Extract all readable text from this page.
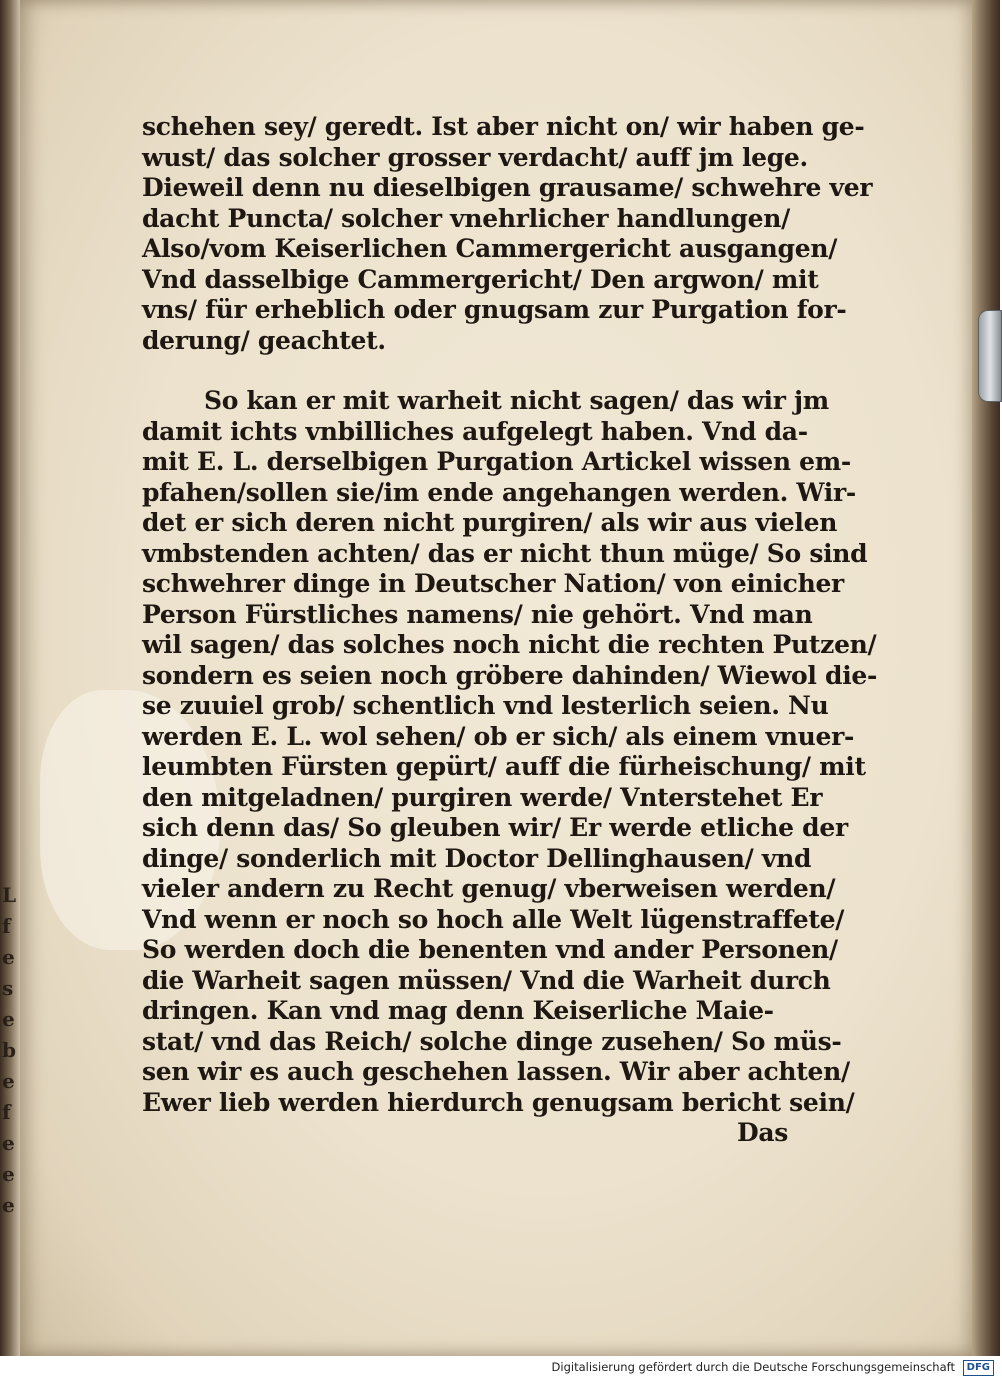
L
f
e
s
e
b
e
f
e
e
e
schehen sey/ geredt. Ist aber nicht on/ wir haben ge-
wust/ das solcher grosser verdacht/ auff jm lege.
Dieweil denn nu dieselbigen grausame/ schwehre ver
dacht Puncta/ solcher vnehrlicher handlungen/
Also/vom Keiserlichen Cammergericht ausgangen/
Vnd dasselbige Cammergericht/ Den argwon/ mit
vns/ für erheblich oder gnugsam zur Purgation for-
derung/ geachtet.
So kan er mit warheit nicht sagen/ das wir jm
damit ichts vnbilliches aufgelegt haben. Vnd da-
mit E. L. derselbigen Purgation Artickel wissen em-
pfahen/sollen sie/im ende angehangen werden. Wir-
det er sich deren nicht purgiren/ als wir aus vielen
vmbstenden achten/ das er nicht thun müge/ So sind
schwehrer dinge in Deutscher Nation/ von einicher
Person Fürstliches namens/ nie gehört. Vnd man
wil sagen/ das solches noch nicht die rechten Putzen/
sondern es seien noch gröbere dahinden/ Wiewol die-
se zuuiel grob/ schentlich vnd lesterlich seien. Nu
werden E. L. wol sehen/ ob er sich/ als einem vnuer-
leumbten Fürsten gepürt/ auff die fürheischung/ mit
den mitgeladnen/ purgiren werde/ Vnterstehet Er
sich denn das/ So gleuben wir/ Er werde etliche der
dinge/ sonderlich mit Doctor Dellinghausen/ vnd
vieler andern zu Recht genug/ vberweisen werden/
Vnd wenn er noch so hoch alle Welt lügenstraffete/
So werden doch die benenten vnd ander Personen/
die Warheit sagen müssen/ Vnd die Warheit durch
dringen. Kan vnd mag denn Keiserliche Maie-
stat/ vnd das Reich/ solche dinge zusehen/ So müs-
sen wir es auch geschehen lassen. Wir aber achten/
Ewer lieb werden hierdurch genugsam bericht sein/
Das
Digitalisierung gefördert durch die Deutsche Forschungsgemeinschaft DFG
